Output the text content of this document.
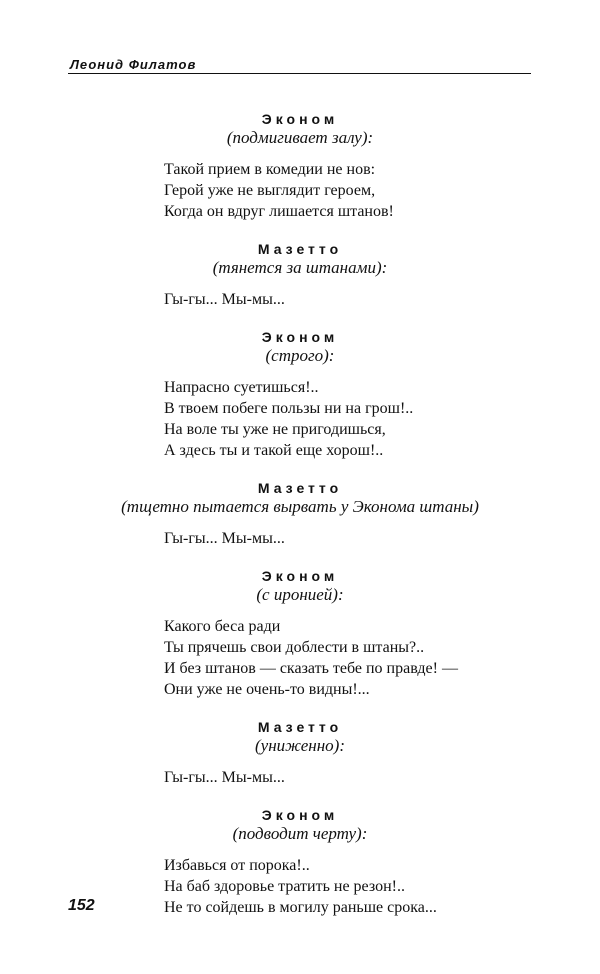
Леонид Филатов
Эконом
(подмигивает залу):
Такой прием в комедии не нов:
Герой уже не выглядит героем,
Когда он вдруг лишается штанов!
Мазетто
(тянется за штанами):
Гы-гы... Мы-мы...
Эконом
(строго):
Напрасно суетишься!..
В твоем побеге пользы ни на грош!..
На воле ты уже не пригодишься,
А здесь ты и такой еще хорош!..
Мазетто
(тщетно пытается вырвать у Эконома штаны)
Гы-гы... Мы-мы...
Эконом
(с иронией):
Какого беса ради
Ты прячешь свои доблести в штаны?..
И без штанов — сказать тебе по правде! —
Они уже не очень-то видны!...
Мазетто
(униженно):
Гы-гы... Мы-мы...
Эконом
(подводит черту):
Избавься от порока!..
На баб здоровье тратить не резон!..
Не то сойдешь в могилу раньше срока...
152
